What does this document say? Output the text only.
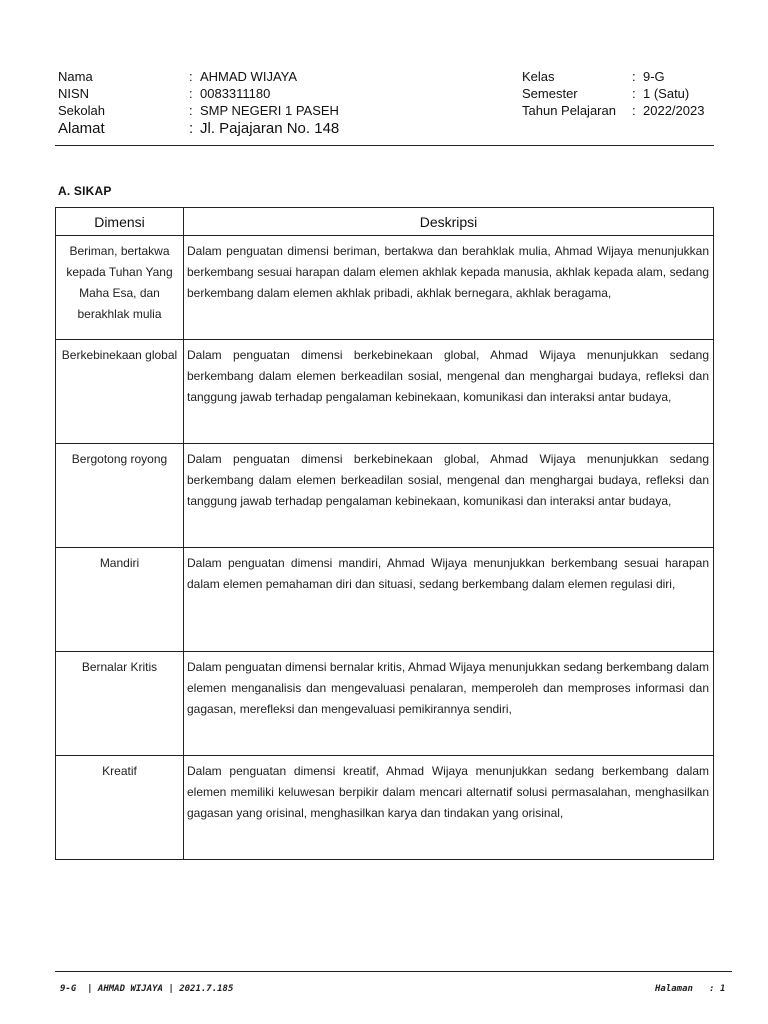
Nama	: AHMAD WIJAYA
NISN	: 0083311180
Sekolah	: SMP NEGERI 1 PASEH
Alamat	: Jl. Pajajaran No. 148
Kelas	: 9-G
Semester	: 1 (Satu)
Tahun Pelajaran : 2022/2023
A. SIKAP
Dimensi	Deskripsi
Beriman, bertakwa kepada Tuhan Yang Maha Esa, dan berakhlak mulia	Dalam penguatan dimensi beriman, bertakwa dan berahklak mulia, Ahmad Wijaya menunjukkan berkembang sesuai harapan dalam elemen akhlak kepada manusia, akhlak kepada alam, sedang berkembang dalam elemen akhlak pribadi, akhlak bernegara, akhlak beragama,
Berkebinekaan global	Dalam penguatan dimensi berkebinekaan global, Ahmad Wijaya menunjukkan sedang berkembang dalam elemen berkeadilan sosial, mengenal dan menghargai budaya, refleksi dan tanggung jawab terhadap pengalaman kebinekaan, komunikasi dan interaksi antar budaya,
Bergotong royong	Dalam penguatan dimensi berkebinekaan global, Ahmad Wijaya menunjukkan sedang berkembang dalam elemen berkeadilan sosial, mengenal dan menghargai budaya, refleksi dan tanggung jawab terhadap pengalaman kebinekaan, komunikasi dan interaksi antar budaya,
Mandiri	Dalam penguatan dimensi mandiri, Ahmad Wijaya menunjukkan berkembang sesuai harapan dalam elemen pemahaman diri dan situasi, sedang berkembang dalam elemen regulasi diri,
Bernalar Kritis	Dalam penguatan dimensi bernalar kritis, Ahmad Wijaya menunjukkan sedang berkembang dalam elemen menganalisis dan mengevaluasi penalaran, memperoleh dan memproses informasi dan gagasan, merefleksi dan mengevaluasi pemikirannya sendiri,
Kreatif	Dalam penguatan dimensi kreatif, Ahmad Wijaya menunjukkan sedang berkembang dalam elemen memiliki keluwesan berpikir dalam mencari alternatif solusi permasalahan, menghasilkan gagasan yang orisinal, menghasilkan karya dan tindakan yang orisinal,
9-G  | AHMAD WIJAYA | 2021.7.185	Halaman   : 1
